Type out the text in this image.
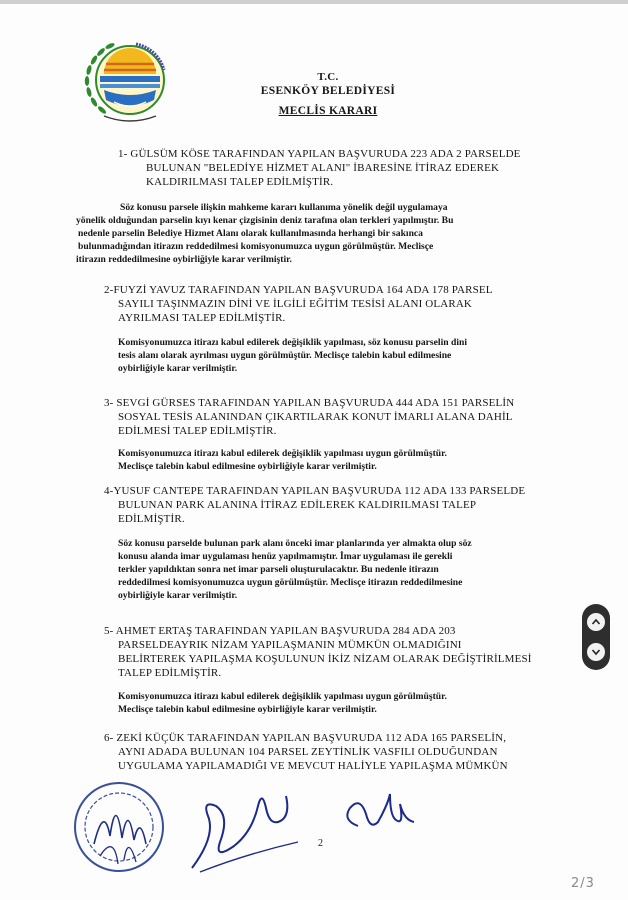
T.C.
ESENKÖY BELEDİYESİ
MECLİS KARARI
1- GÜLSÜM KÖSE TARAFINDAN YAPILAN BAŞVURUDA 223 ADA 2 PARSELDE
BULUNAN "BELEDİYE HİZMET ALANI" İBARESİNE İTİRAZ EDEREK
KALDIRILMASI TALEP EDİLMİŞTİR.
Söz konusu parsele ilişkin mahkeme kararı kullanıma yönelik değil uygulamaya
yönelik olduğundan parselin kıyı kenar çizgisinin deniz tarafına olan terkleri yapılmıştır. Bu
nedenle parselin Belediye Hizmet Alanı olarak kullanılmasında herhangi bir sakınca
bulunmadığından itirazın reddedilmesi komisyonumuzca uygun görülmüştür. Meclisçe
itirazın reddedilmesine oybirliğiyle karar verilmiştir.
2-FUYZİ YAVUZ TARAFINDAN YAPILAN BAŞVURUDA 164 ADA 178 PARSEL
SAYILI TAŞINMAZIN DİNİ VE İLGİLİ EĞİTİM TESİSİ ALANI OLARAK
AYRILMASI TALEP EDİLMİŞTİR.
Komisyonumuzca itirazı kabul edilerek değişiklik yapılması, söz konusu parselin dini
tesis alanı olarak ayrılması uygun görülmüştür. Meclisçe talebin kabul edilmesine
oybirliğiyle karar verilmiştir.
3- SEVGİ GÜRSES TARAFINDAN YAPILAN BAŞVURUDA 444 ADA 151 PARSELİN
SOSYAL TESİS ALANINDAN ÇIKARTILARAK KONUT İMARLI ALANA DAHİL
EDİLMESİ TALEP EDİLMİŞTİR.
Komisyonumuzca itirazı kabul edilerek değişiklik yapılması uygun görülmüştür.
Meclisçe talebin kabul edilmesine oybirliğiyle karar verilmiştir.
4-YUSUF CANTEPE TARAFINDAN YAPILAN BAŞVURUDA 112 ADA 133 PARSELDE
BULUNAN PARK ALANINA İTİRAZ EDİLEREK KALDIRILMASI TALEP
EDİLMİŞTİR.
Söz konusu parselde bulunan park alanı önceki imar planlarında yer almakta olup söz
konusu alanda imar uygulaması henüz yapılmamıştır. İmar uygulaması ile gerekli
terkler yapıldıktan sonra net imar parseli oluşturulacaktır. Bu nedenle itirazın
reddedilmesi komisyonumuzca uygun görülmüştür. Meclisçe itirazın reddedilmesine
oybirliğiyle karar verilmiştir.
5- AHMET ERTAŞ TARAFINDAN YAPILAN BAŞVURUDA 284 ADA 203
PARSELDEAYRIK NİZAM YAPILAŞMANIN MÜMKÜN OLMADIĞINI
BELİRTEREK YAPILAŞMA KOŞULUNUN İKİZ NİZAM OLARAK DEĞİŞTİRİLMESİ
TALEP EDİLMİŞTİR.
Komisyonumuzca itirazı kabul edilerek değişiklik yapılması uygun görülmüştür.
Meclisçe talebin kabul edilmesine oybirliğiyle karar verilmiştir.
6- ZEKİ KÜÇÜK TARAFINDAN YAPILAN BAŞVURUDA 112 ADA 165 PARSELİN,
AYNI ADADA BULUNAN 104 PARSEL ZEYTİNLİK VASFILI OLDUĞUNDAN
UYGULAMA YAPILAMADIĞI VE MEVCUT HALİYLE YAPILAŞMA MÜMKÜN
2
2/3
